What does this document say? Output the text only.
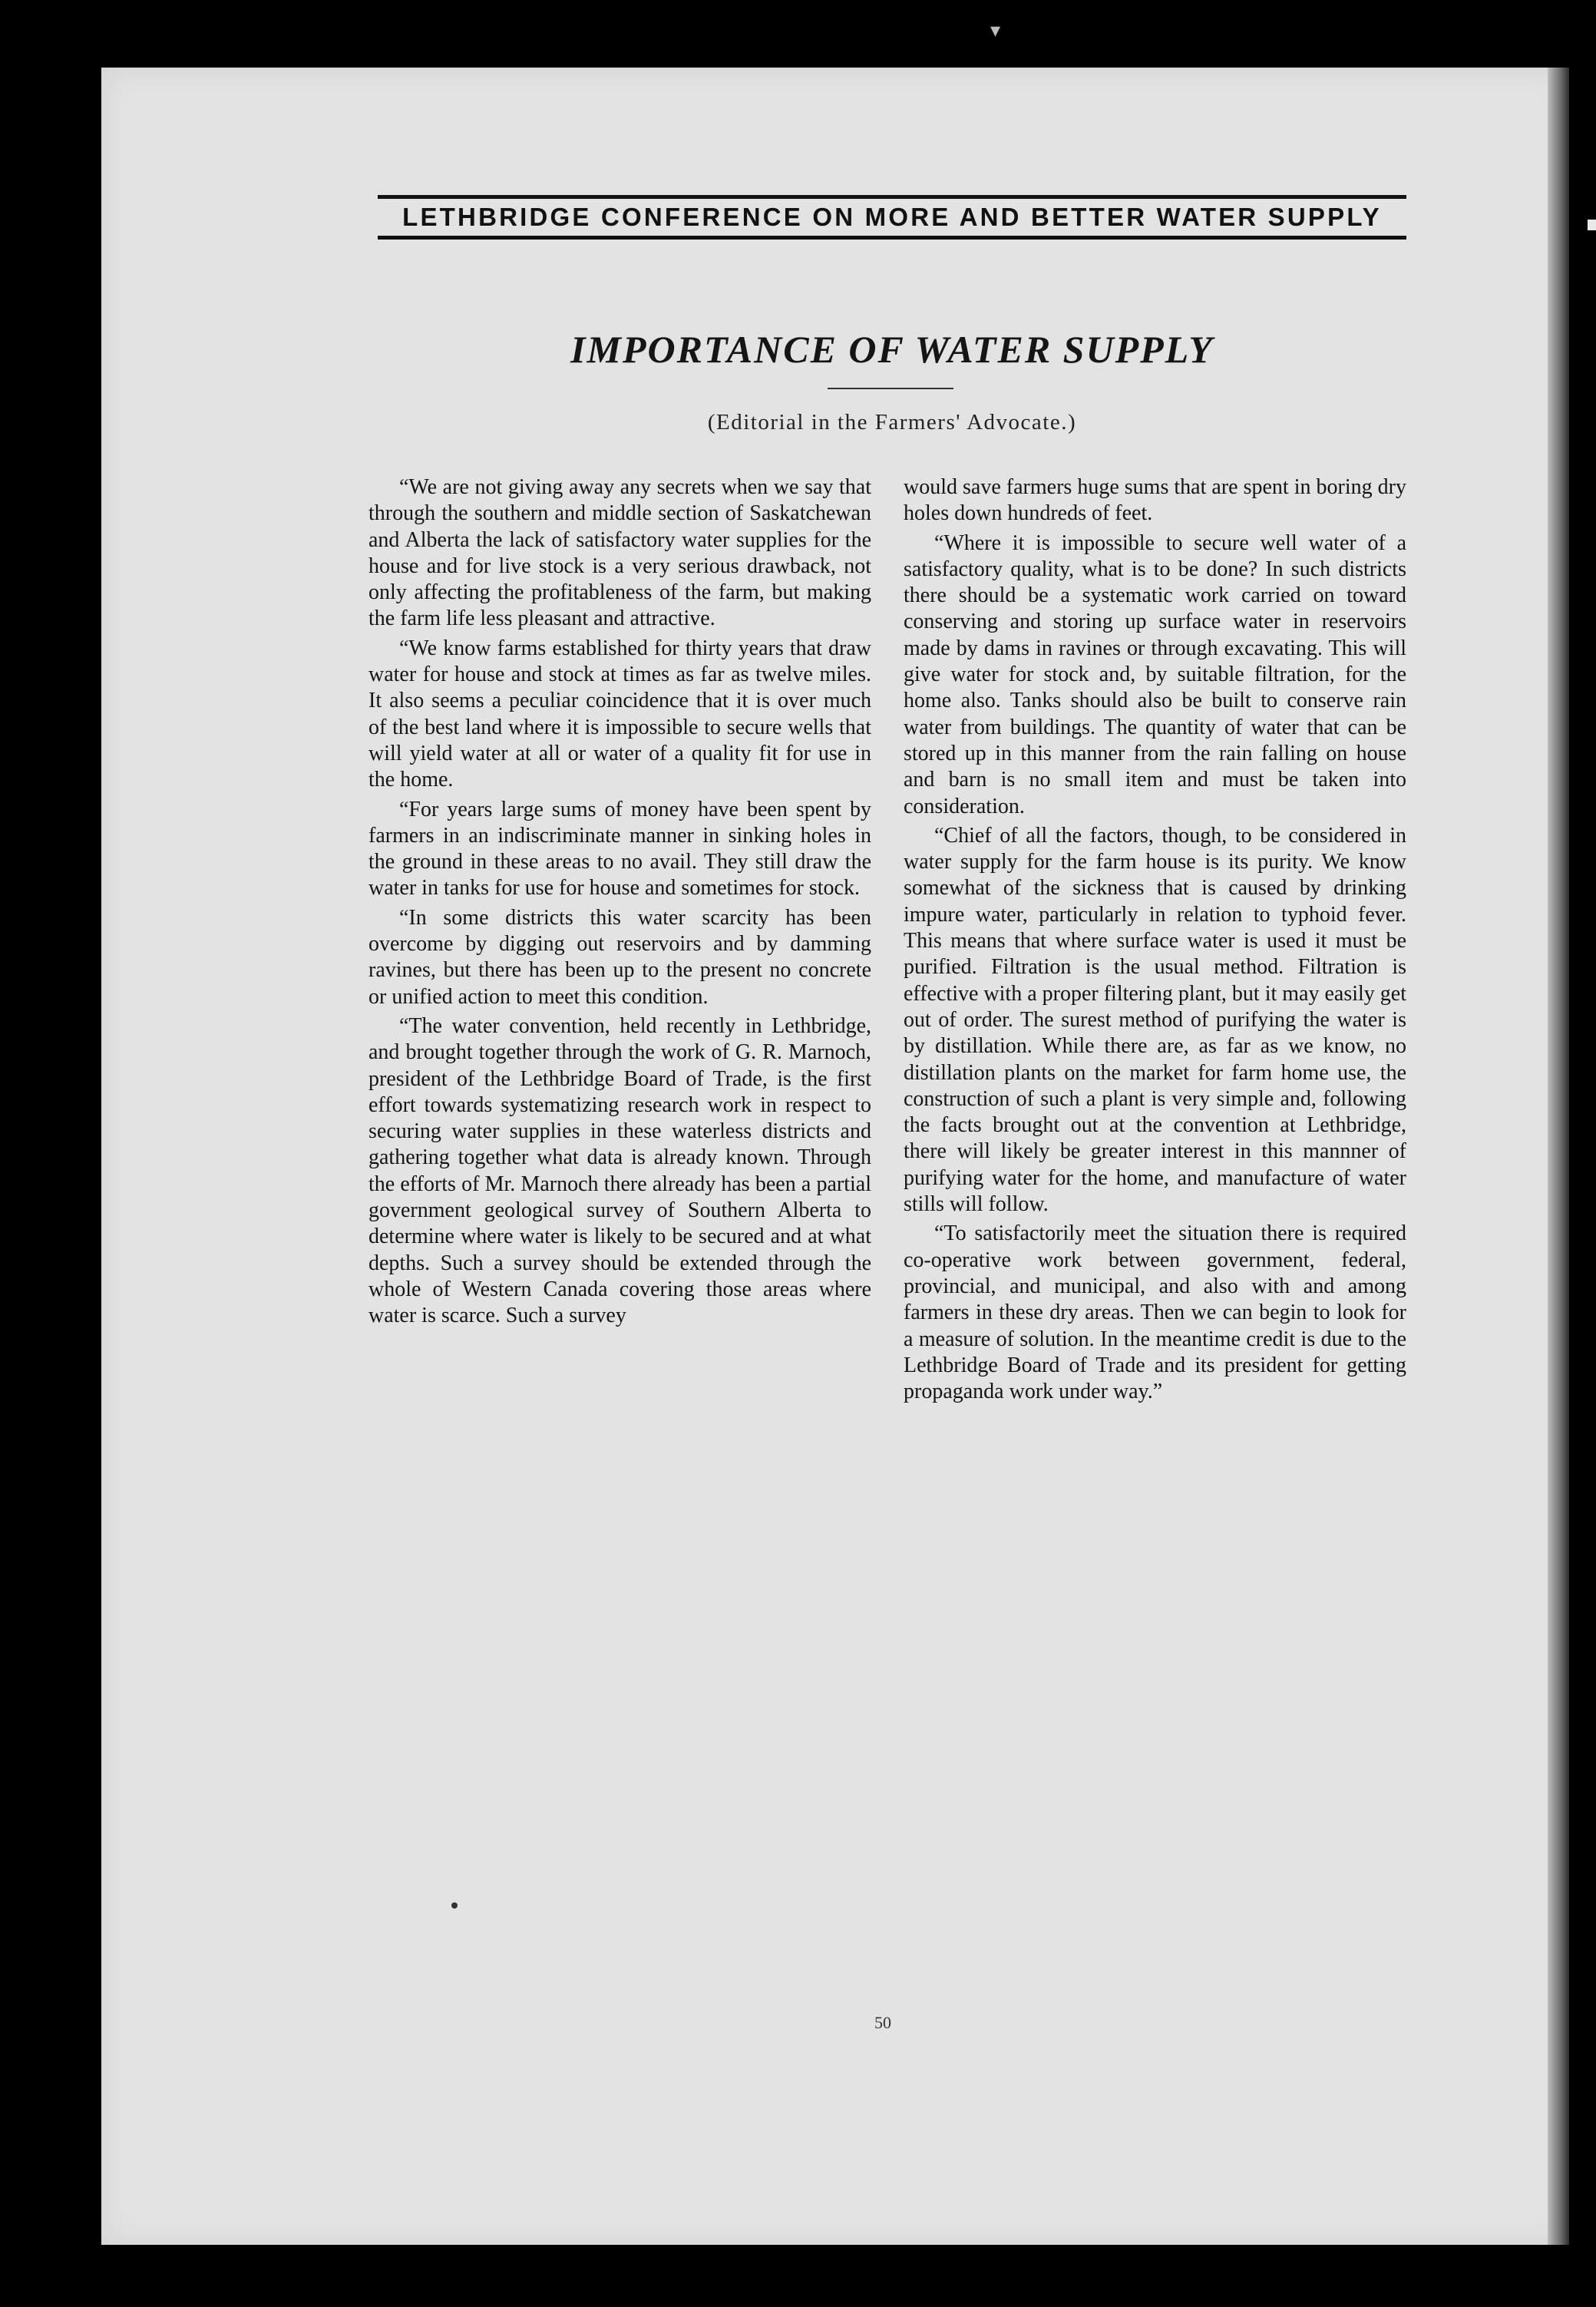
▾
LETHBRIDGE CONFERENCE ON MORE AND BETTER WATER SUPPLY
IMPORTANCE OF WATER SUPPLY
(Editorial in the Farmers' Advocate.)

“We are not giving away any secrets when we say that through the southern and middle section of Saskatchewan and Alberta the lack of satisfactory water supplies for the house and for live stock is a very serious drawback, not only affecting the profitableness of the farm, but making the farm life less pleasant and attractive.

“We know farms established for thirty years that draw water for house and stock at times as far as twelve miles. It also seems a peculiar coincidence that it is over much of the best land where it is impossible to secure wells that will yield water at all or water of a quality fit for use in the home.

“For years large sums of money have been spent by farmers in an indiscriminate manner in sinking holes in the ground in these areas to no avail. They still draw the water in tanks for use for house and sometimes for stock.

“In some districts this water scarcity has been overcome by digging out reservoirs and by damming ravines, but there has been up to the present no concrete or unified action to meet this condition.

“The water convention, held recently in Lethbridge, and brought together through the work of G. R. Marnoch, president of the Lethbridge Board of Trade, is the first effort towards systematizing research work in respect to securing water supplies in these waterless districts and gathering together what data is already known. Through the efforts of Mr. Marnoch there already has been a partial government geological survey of Southern Alberta to determine where water is likely to be secured and at what depths. Such a survey should be extended through the whole of Western Canada covering those areas where water is scarce. Such a survey

would save farmers huge sums that are spent in boring dry holes down hundreds of feet.

“Where it is impossible to secure well water of a satisfactory quality, what is to be done? In such districts there should be a systematic work carried on toward conserving and storing up surface water in reservoirs made by dams in ravines or through excavating. This will give water for stock and, by suitable filtration, for the home also. Tanks should also be built to conserve rain water from buildings. The quantity of water that can be stored up in this manner from the rain falling on house and barn is no small item and must be taken into consideration.

“Chief of all the factors, though, to be considered in water supply for the farm house is its purity. We know somewhat of the sickness that is caused by drinking impure water, particularly in relation to typhoid fever. This means that where surface water is used it must be purified. Filtration is the usual method. Filtration is effective with a proper filtering plant, but it may easily get out of order. The surest method of purifying the water is by distillation. While there are, as far as we know, no distillation plants on the market for farm home use, the construction of such a plant is very simple and, following the facts brought out at the convention at Lethbridge, there will likely be greater interest in this mannner of purifying water for the home, and manufacture of water stills will follow.

“To satisfactorily meet the situation there is required co-operative work between government, federal, provincial, and municipal, and also with and among farmers in these dry areas. Then we can begin to look for a measure of solution. In the meantime credit is due to the Lethbridge Board of Trade and its president for getting propaganda work under way.”

50
